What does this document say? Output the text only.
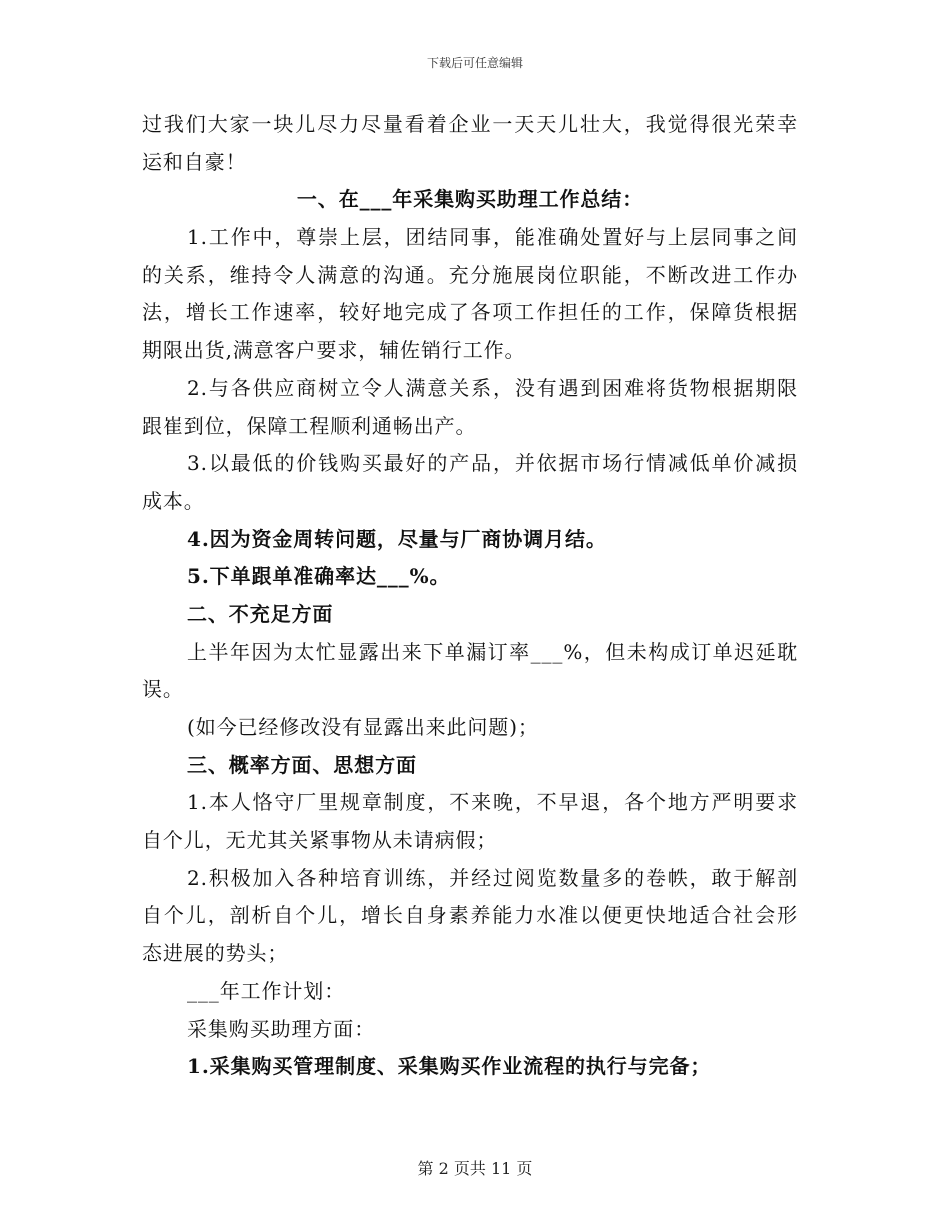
下载后可任意编辑
过我们大家一块儿尽力尽量看着企业一天天儿壮大，我觉得很光荣幸
运和自豪！
一、在___年采集购买助理工作总结：
1.工作中，尊崇上层，团结同事，能准确处置好与上层同事之间
的关系，维持令人满意的沟通。充分施展岗位职能，不断改进工作办
法，增长工作速率，较好地完成了各项工作担任的工作，保障货根据
期限出货,满意客户要求，辅佐销行工作。
2.与各供应商树立令人满意关系，没有遇到困难将货物根据期限
跟崔到位，保障工程顺利通畅出产。
3.以最低的价钱购买最好的产品，并依据市场行情减低单价减损
成本。
4.因为资金周转问题，尽量与厂商协调月结。
5.下单跟单准确率达___%。
二、不充足方面
上半年因为太忙显露出来下单漏订率___%，但未构成订单迟延耽
误。
(如今已经修改没有显露出来此问题)；
三、概率方面、思想方面
1.本人恪守厂里规章制度，不来晚，不早退，各个地方严明要求
自个儿，无尤其关紧事物从未请病假；
2.积极加入各种培育训练，并经过阅览数量多的卷帙，敢于解剖
自个儿，剖析自个儿，增长自身素养能力水准以便更快地适合社会形
态进展的势头；
___年工作计划：
采集购买助理方面：
1.采集购买管理制度、采集购买作业流程的执行与完备；
第 2 页共 11 页
